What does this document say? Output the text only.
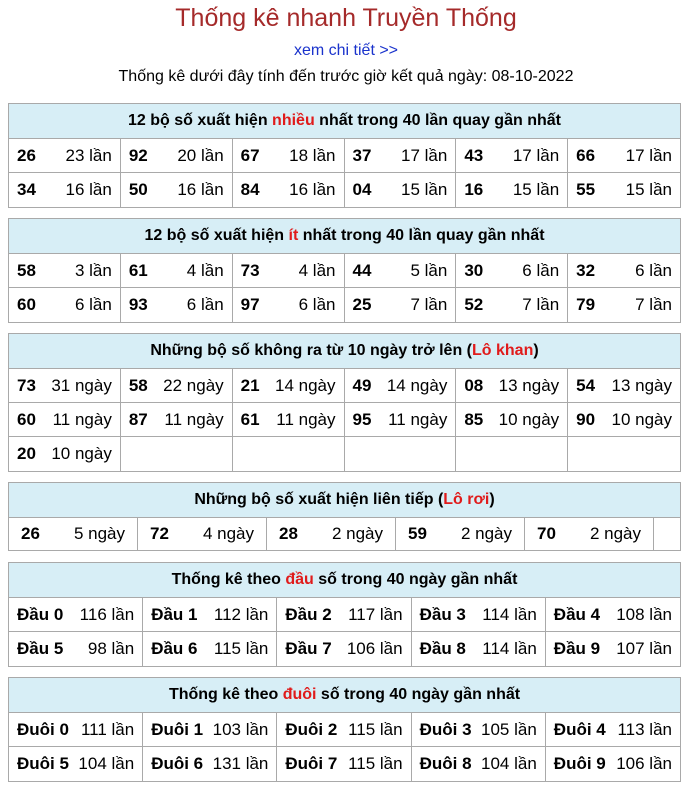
Thống kê nhanh Truyền Thống
xem chi tiết >>
Thống kê dưới đây tính đến trước giờ kết quả ngày: 08-10-2022
12 bộ số xuất hiện nhiều nhất trong 40 lần quay gần nhất
26 23 lần 92 20 lần 67 18 lần 37 17 lần 43 17 lần 66 17 lần
34 16 lần 50 16 lần 84 16 lần 04 15 lần 16 15 lần 55 15 lần
12 bộ số xuất hiện ít nhất trong 40 lần quay gần nhất
58 3 lần 61 4 lần 73 4 lần 44 5 lần 30 6 lần 32 6 lần
60 6 lần 93 6 lần 97 6 lần 25 7 lần 52 7 lần 79 7 lần
Những bộ số không ra từ 10 ngày trở lên (Lô khan)
73 31 ngày 58 22 ngày 21 14 ngày 49 14 ngày 08 13 ngày 54 13 ngày
60 11 ngày 87 11 ngày 61 11 ngày 95 11 ngày 85 10 ngày 90 10 ngày
20 10 ngày
Những bộ số xuất hiện liên tiếp (Lô rơi)
26 5 ngày 72 4 ngày 28 2 ngày 59 2 ngày 70 2 ngày
Thống kê theo đầu số trong 40 ngày gần nhất
Đầu 0 116 lần Đầu 1 112 lần Đầu 2 117 lần Đầu 3 114 lần Đầu 4 108 lần
Đầu 5 98 lần Đầu 6 115 lần Đầu 7 106 lần Đầu 8 114 lần Đầu 9 107 lần
Thống kê theo đuôi số trong 40 ngày gần nhất
Đuôi 0 111 lần Đuôi 1 103 lần Đuôi 2 115 lần Đuôi 3 105 lần Đuôi 4 113 lần
Đuôi 5 104 lần Đuôi 6 131 lần Đuôi 7 115 lần Đuôi 8 104 lần Đuôi 9 106 lần
